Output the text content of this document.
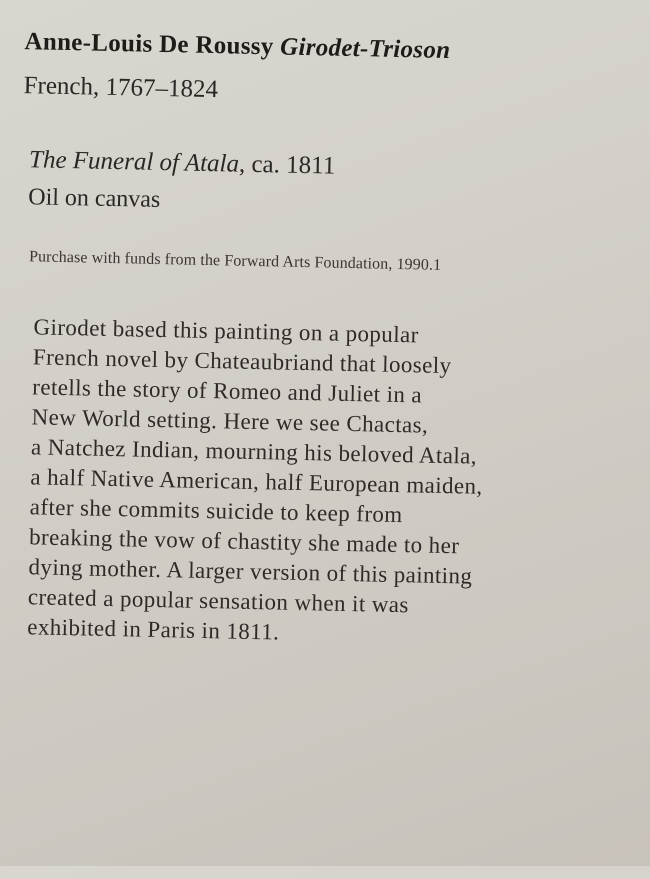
Anne-Louis De Roussy Girodet-Trioson
French, 1767–1824
The Funeral of Atala, ca. 1811
Oil on canvas
Purchase with funds from the Forward Arts Foundation, 1990.1
Girodet based this painting on a popular
French novel by Chateaubriand that loosely
retells the story of Romeo and Juliet in a
New World setting. Here we see Chactas,
a Natchez Indian, mourning his beloved Atala,
a half Native American, half European maiden,
after she commits suicide to keep from
breaking the vow of chastity she made to her
dying mother. A larger version of this painting
created a popular sensation when it was
exhibited in Paris in 1811.
